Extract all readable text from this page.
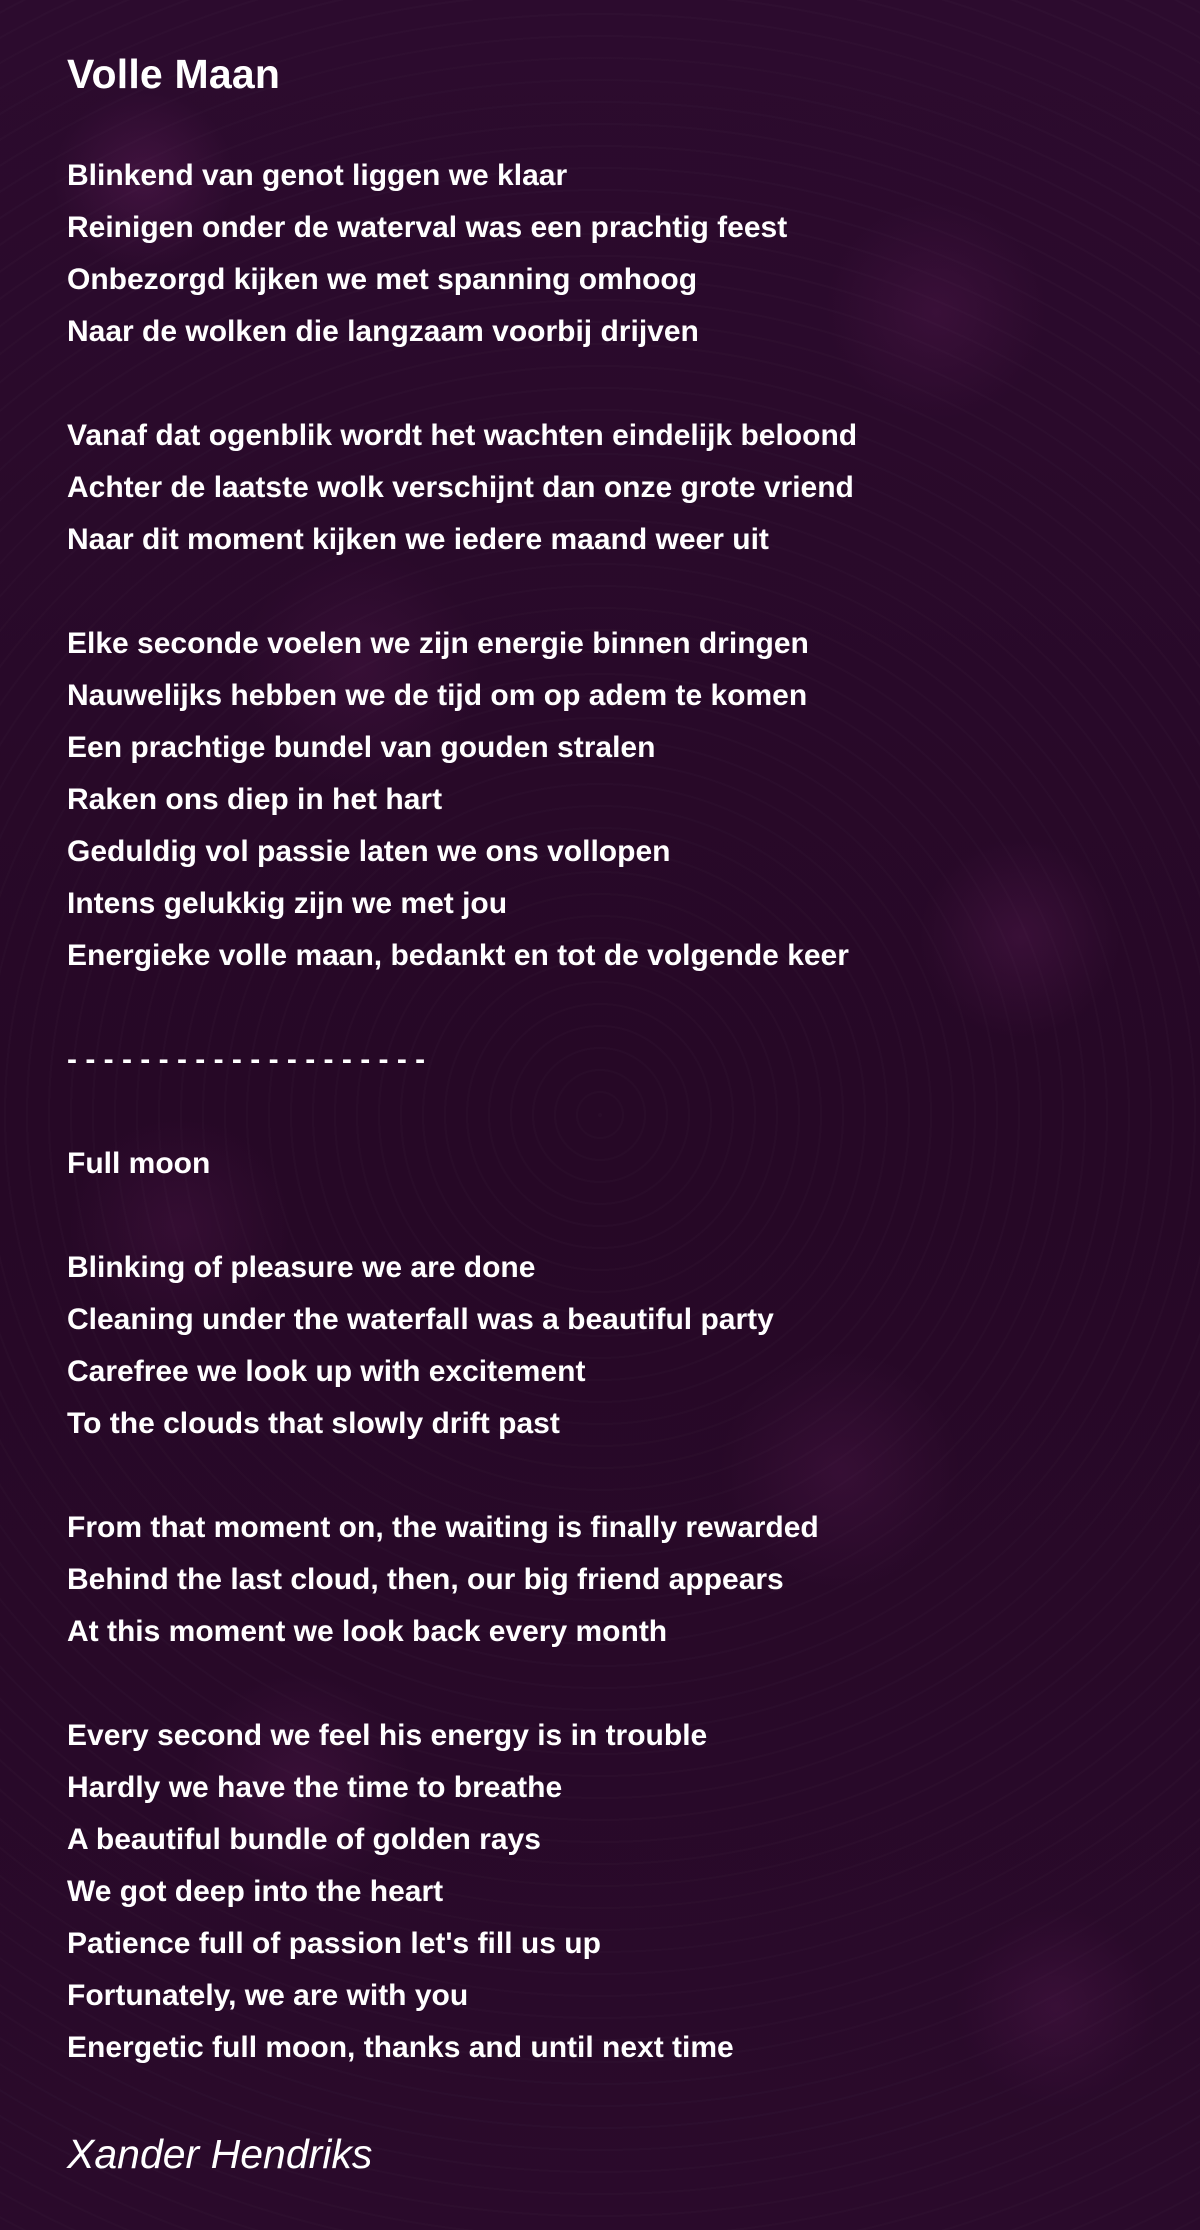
Volle Maan
Blinkend van genot liggen we klaar
Reinigen onder de waterval was een prachtig feest
Onbezorgd kijken we met spanning omhoog
Naar de wolken die langzaam voorbij drijven
Vanaf dat ogenblik wordt het wachten eindelijk beloond
Achter de laatste wolk verschijnt dan onze grote vriend
Naar dit moment kijken we iedere maand weer uit
Elke seconde voelen we zijn energie binnen dringen
Nauwelijks hebben we de tijd om op adem te komen
Een prachtige bundel van gouden stralen
Raken ons diep in het hart
Geduldig vol passie laten we ons vollopen
Intens gelukkig zijn we met jou
Energieke volle maan, bedankt en tot de volgende keer
- - - - - - - - - - - - - - - - - - - -
Full moon
Blinking of pleasure we are done
Cleaning under the waterfall was a beautiful party
Carefree we look up with excitement
To the clouds that slowly drift past
From that moment on, the waiting is finally rewarded
Behind the last cloud, then, our big friend appears
At this moment we look back every month
Every second we feel his energy is in trouble
Hardly we have the time to breathe
A beautiful bundle of golden rays
We got deep into the heart
Patience full of passion let's fill us up
Fortunately, we are with you
Energetic full moon, thanks and until next time
Xander Hendriks
